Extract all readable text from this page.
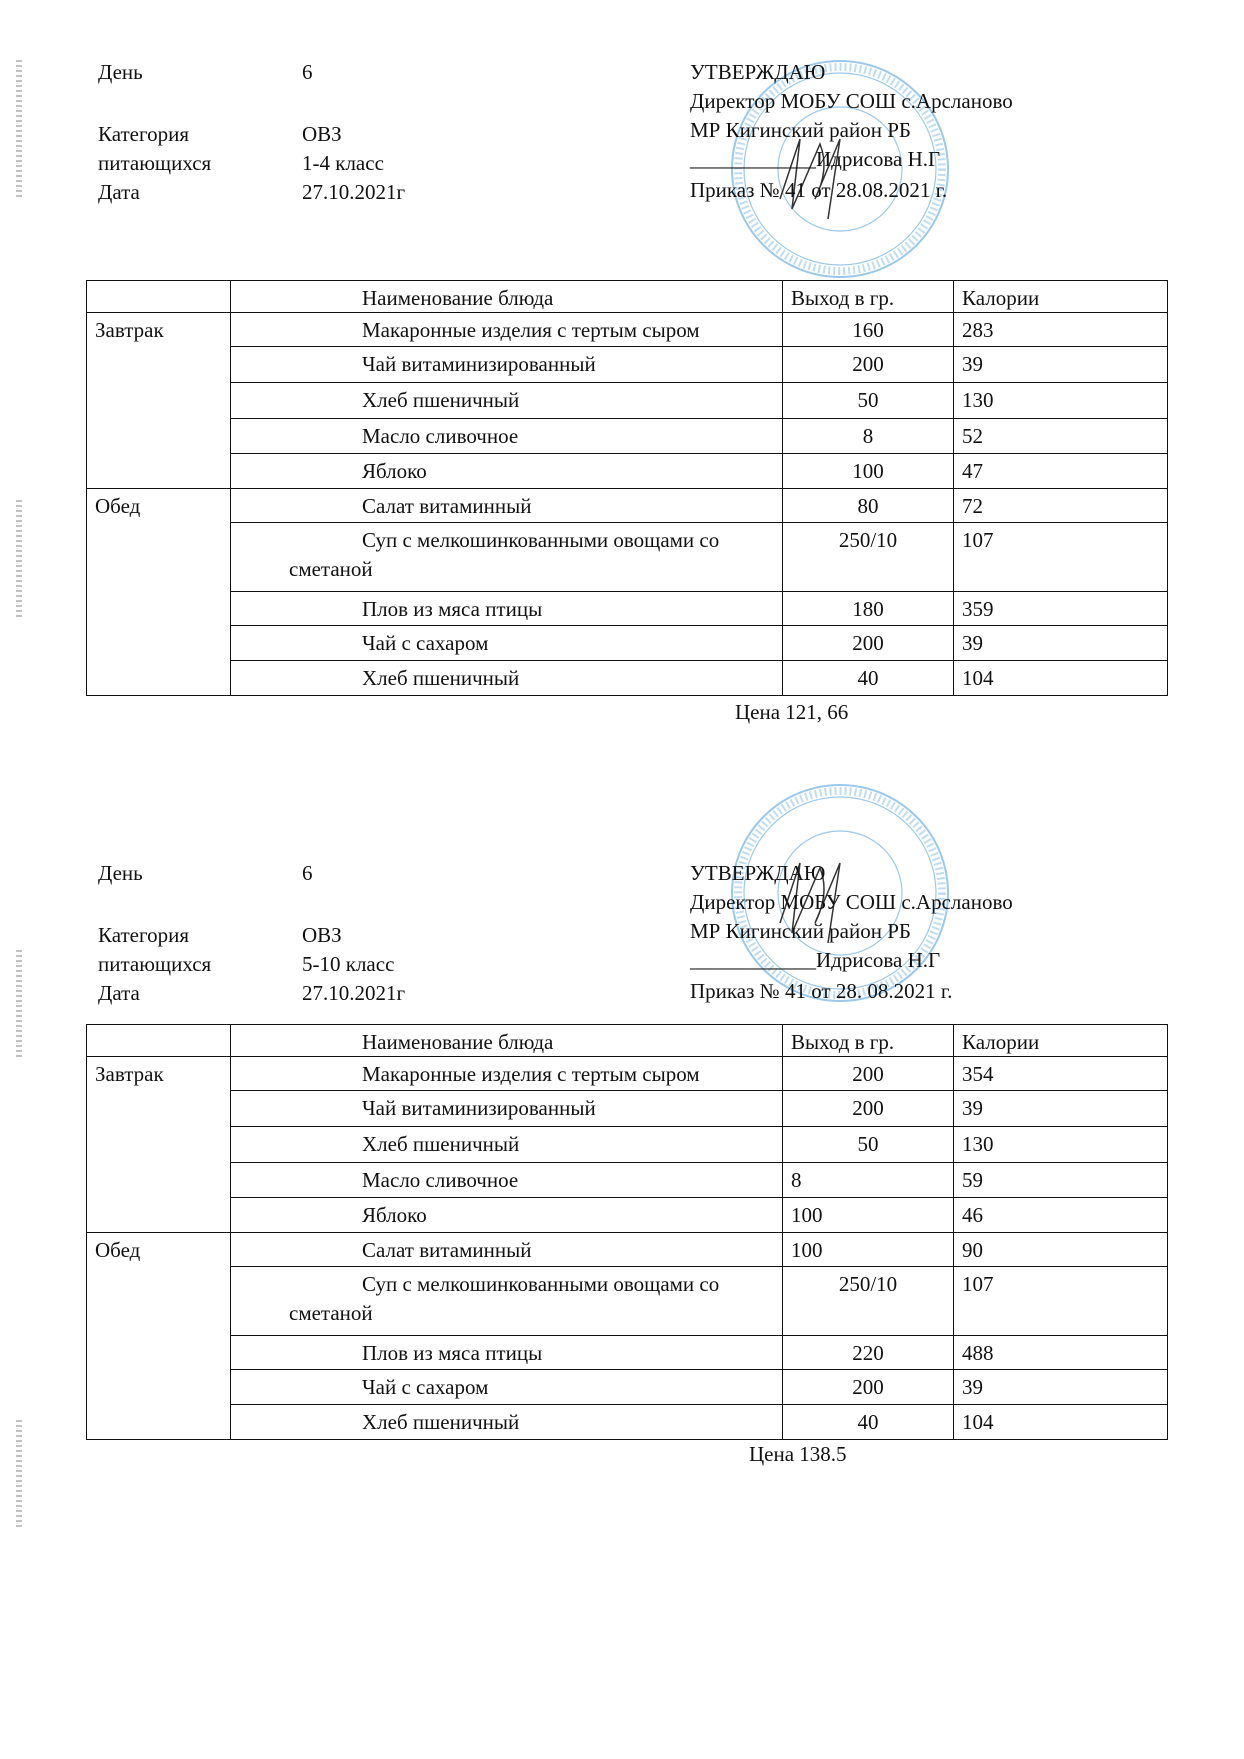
День	6
Категория	ОВЗ
питающихся	1-4 класс
Дата	27.10.2021г
УТВЕРЖДАЮ
Директор МОБУ СОШ с.Арсланово
МР Кигинский район РБ
____________Идрисова Н.Г
Приказ № 41 от 28.08.2021 г.
	Наименование блюда	Выход в гр.	Калории
Завтрак	Макаронные изделия с тертым сыром	160	283
	Чай витаминизированный	200	39
	Хлеб пшеничный	50	130
	Масло сливочное	8	52
	Яблоко	100	47
Обед	Салат витаминный	80	72
	Суп с мелкошинкованными овощами со сметаной	250/10	107
	Плов из мяса птицы	180	359
	Чай с сахаром	200	39
	Хлеб пшеничный	40	104
Цена 121, 66
День	6
Категория	ОВЗ
питающихся	5-10 класс
Дата	27.10.2021г
УТВЕРЖДАЮ
Директор МОБУ СОШ с.Арсланово
МР Кигинский район РБ
____________Идрисова Н.Г
Приказ № 41 от 28. 08.2021 г.
	Наименование блюда	Выход в гр.	Калории
Завтрак	Макаронные изделия с тертым сыром	200	354
	Чай витаминизированный	200	39
	Хлеб пшеничный	50	130
	Масло сливочное	8	59
	Яблоко	100	46
Обед	Салат витаминный	100	90
	Суп с мелкошинкованными овощами со сметаной	250/10	107
	Плов из мяса птицы	220	488
	Чай с сахаром	200	39
	Хлеб пшеничный	40	104
Цена 138.5
